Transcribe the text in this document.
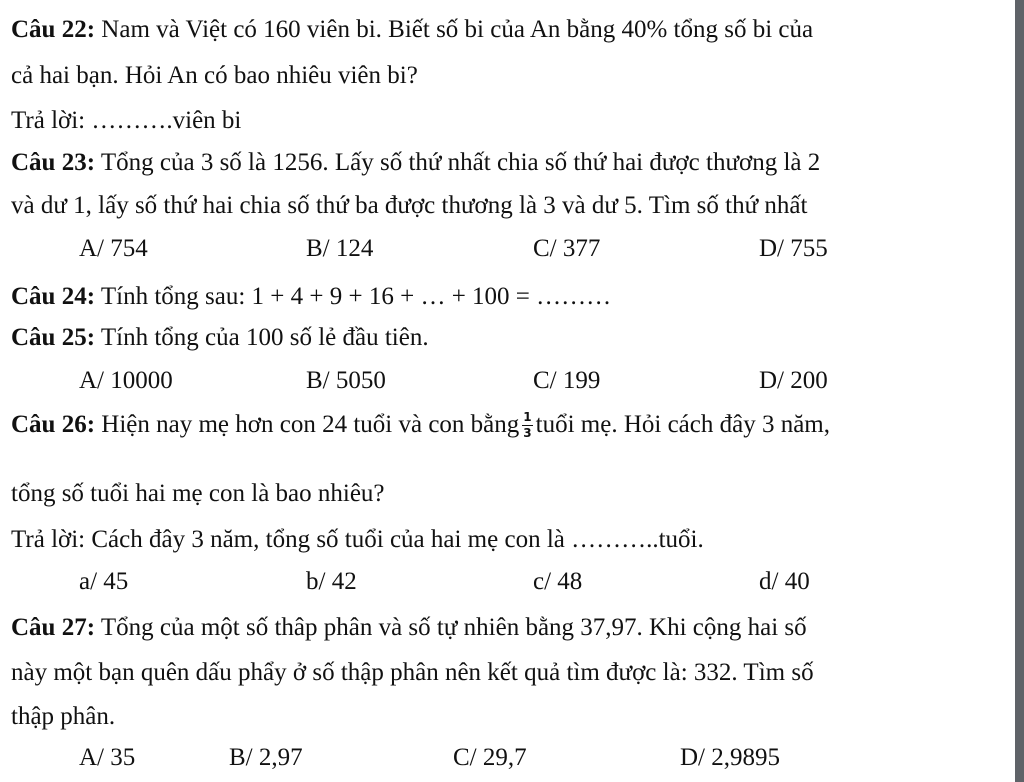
Câu 22: Nam và Việt có 160 viên bi. Biết số bi của An bằng 40% tổng số bi của
cả hai bạn. Hỏi An có bao nhiêu viên bi?
Trả lời: ……….viên bi
Câu 23: Tổng của 3 số là 1256. Lấy số thứ nhất chia số thứ hai được thương là 2
và dư 1, lấy số thứ hai chia số thứ ba được thương là 3 và dư 5. Tìm số thứ nhất
A/ 754	B/ 124	C/ 377	D/ 755
Câu 24: Tính tổng sau: 1 + 4 + 9 + 16 + … + 100 = ………
Câu 25: Tính tổng của 100 số lẻ đầu tiên.
A/ 10000	B/ 5050	C/ 199	D/ 200
Câu 26: Hiện nay mẹ hơn con 24 tuổi và con bằng $\frac{1}{3}$ tuổi mẹ. Hỏi cách đây 3 năm,
tổng số tuổi hai mẹ con là bao nhiêu?
Trả lời: Cách đây 3 năm, tổng số tuổi của hai mẹ con là ………..tuổi.
a/ 45	b/ 42	c/ 48	d/ 40
Câu 27: Tổng của một số thâp phân và số tự nhiên bằng 37,97. Khi cộng hai số
này một bạn quên dấu phẩy ở số thập phân nên kết quả tìm được là: 332. Tìm số
thập phân.
A/ 35	B/ 2,97	C/ 29,7	D/ 2,9895
